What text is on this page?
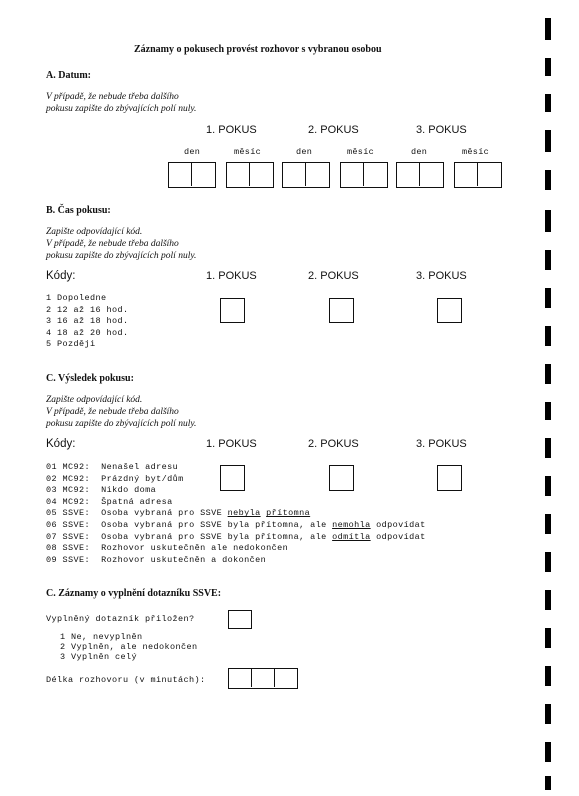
Záznamy o pokusech provést rozhovor s vybranou osobou
A. Datum:
V případě, že nebude třeba dalšího
pokusu zapište do zbývajících polí nuly.
1. POKUS	2. POKUS	3. POKUS
den	měsíc	den	měsíc	den	měsíc
B. Čas pokusu:
Zapište odpovídající kód.
V případě, že nebude třeba dalšího
pokusu zapište do zbývajících polí nuly.
Kódy:	1. POKUS	2. POKUS	3. POKUS
1 Dopoledne
2 12 až 16 hod.
3 16 až 18 hod.
4 18 až 20 hod.
5 Později
C. Výsledek pokusu:
Zapište odpovídající kód.
V případě, že nebude třeba dalšího
pokusu zapište do zbývajících polí nuly.
Kódy:	1. POKUS	2. POKUS	3. POKUS
01 MC92: Nenašel adresu
02 MC92: Prázdný byt/dům
03 MC92: Nikdo doma
04 MC92: Špatná adresa
05 SSVE: Osoba vybraná pro SSVE nebyla přítomna
06 SSVE: Osoba vybraná pro SSVE byla přítomna, ale nemohla odpovídat
07 SSVE: Osoba vybraná pro SSVE byla přítomna, ale odmítla odpovídat
08 SSVE: Rozhovor uskutečněn ale nedokončen
09 SSVE: Rozhovor uskutečněn a dokončen
C. Záznamy o vyplnění dotazníku SSVE:
Vyplněný dotazník přiložen?
1 Ne, nevyplněn
2 Vyplněn, ale nedokončen
3 Vyplněn celý
Délka rozhovoru (v minutách):
